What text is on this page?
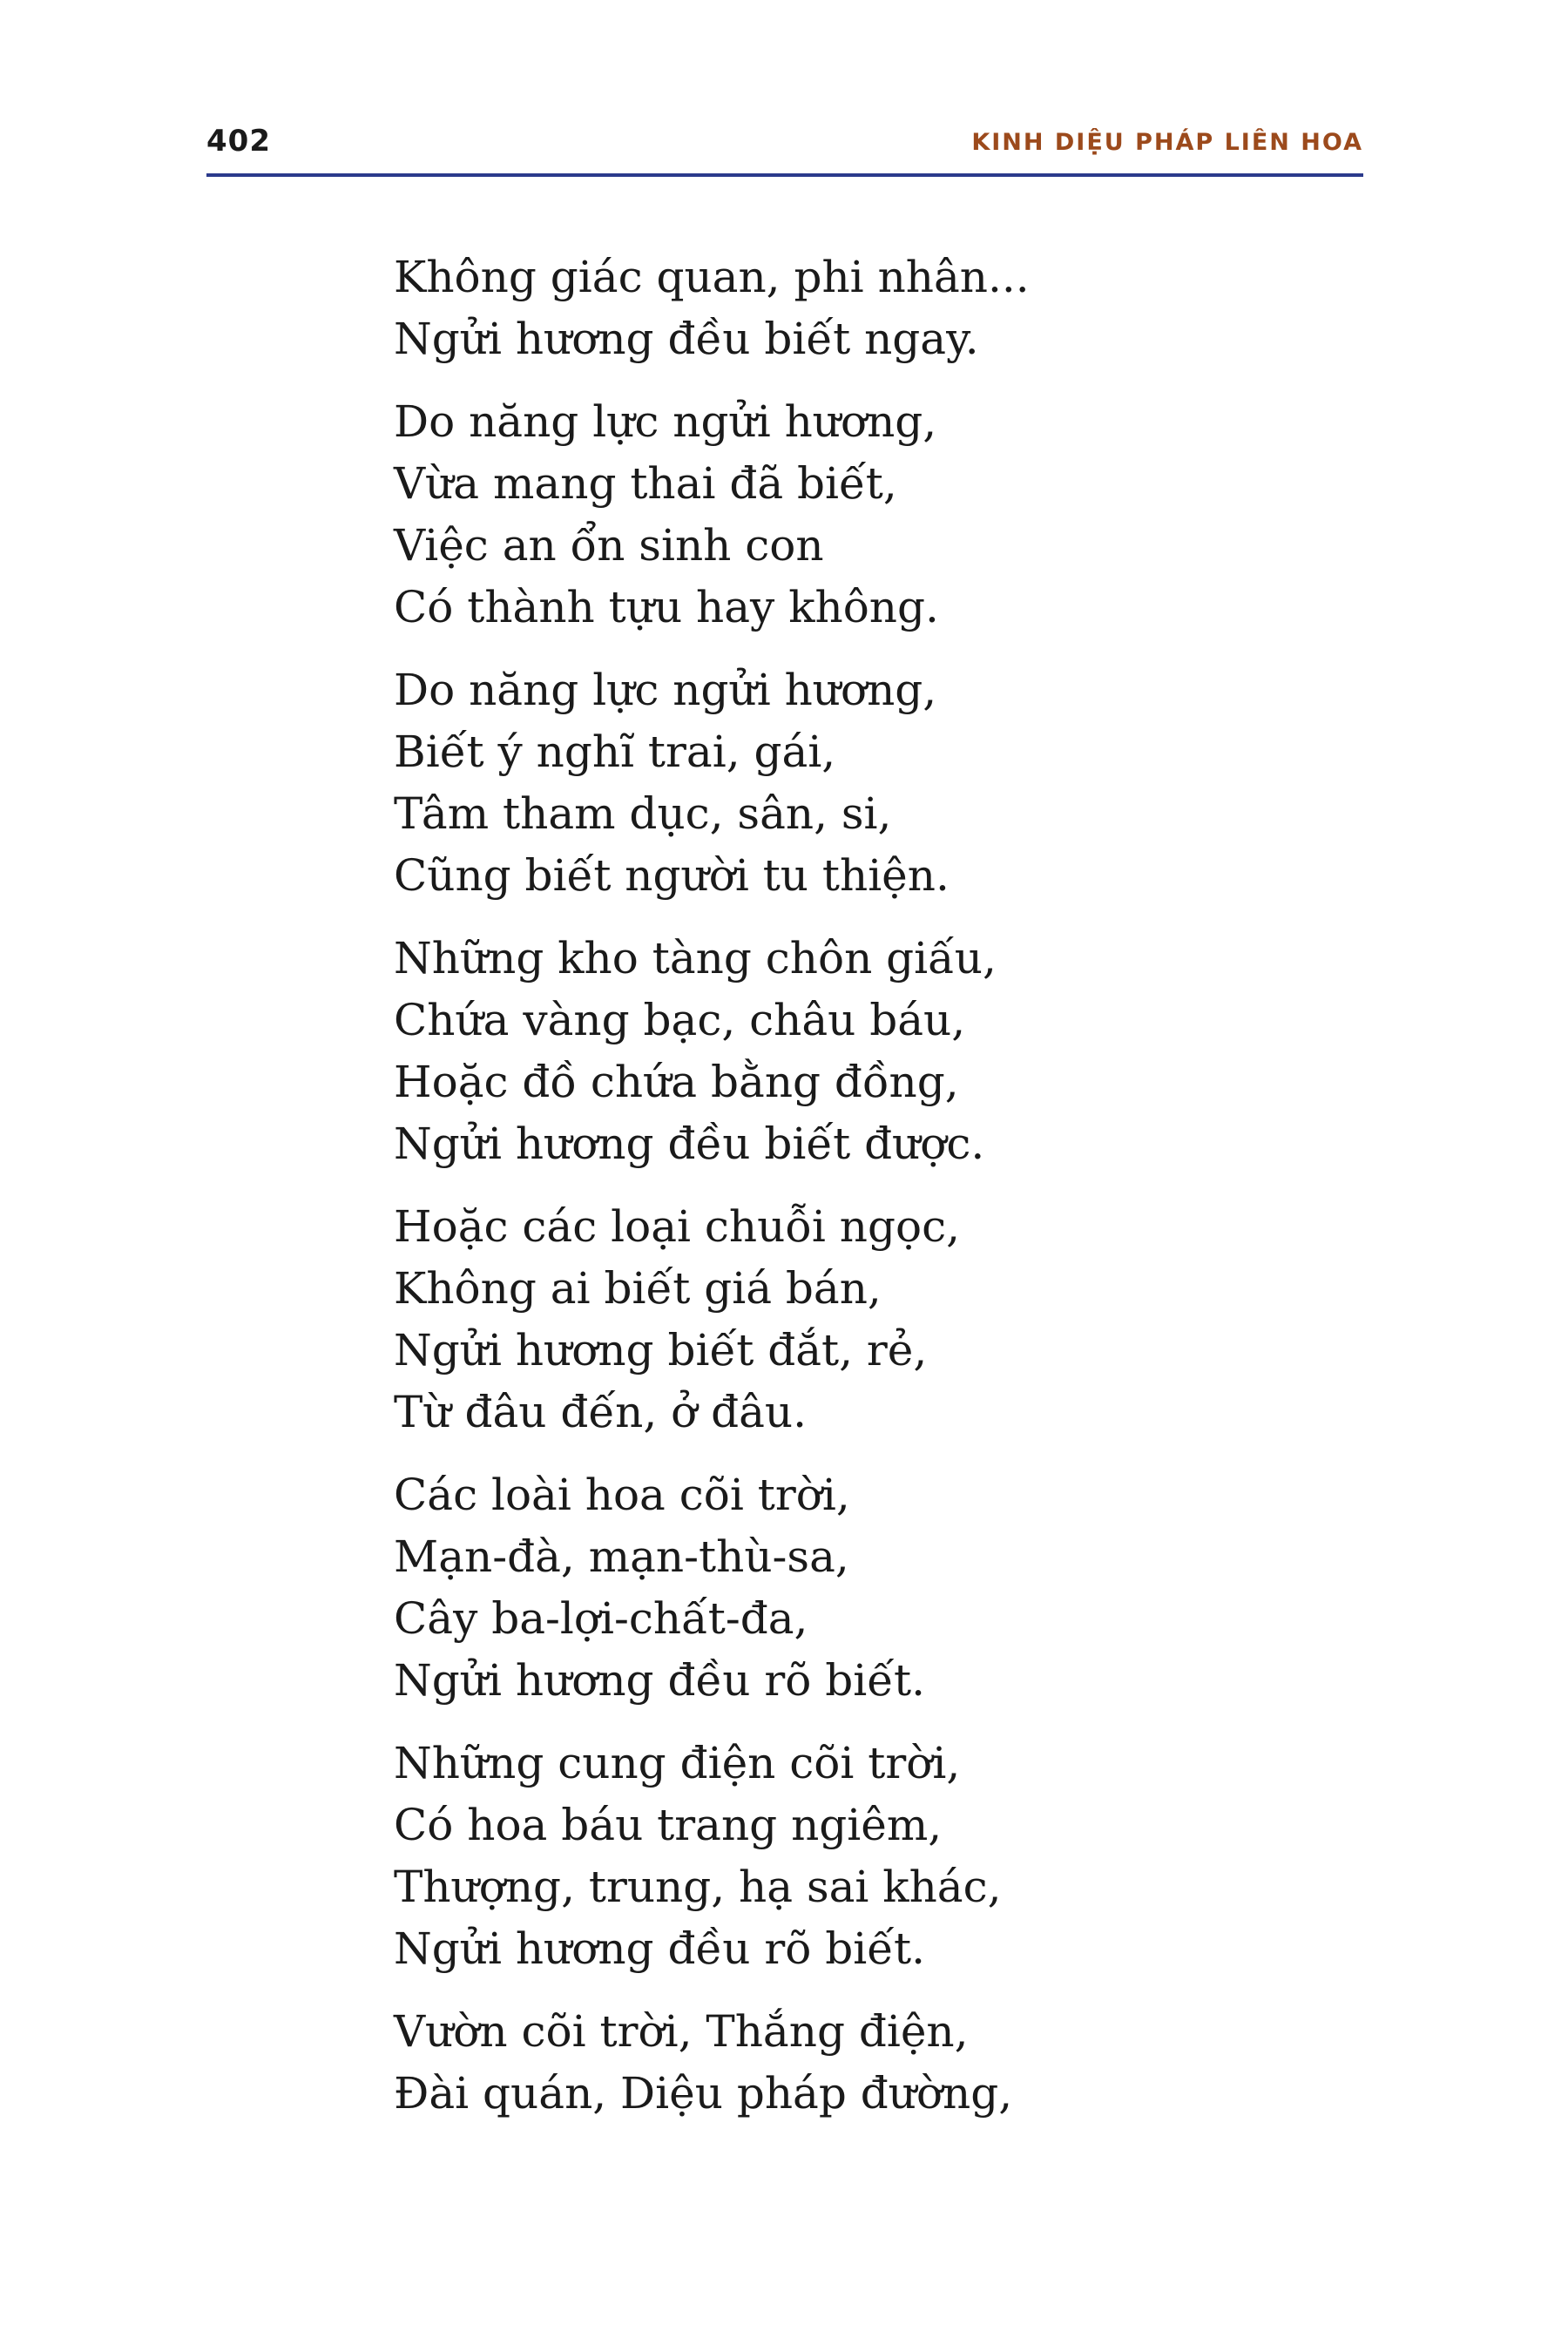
402	KINH DIỆU PHÁP LIÊN HOA
Không giác quan, phi nhân...
Ngửi hương đều biết ngay.
Do năng lực ngửi hương,
Vừa mang thai đã biết,
Việc an ổn sinh con
Có thành tựu hay không.
Do năng lực ngửi hương,
Biết ý nghĩ trai, gái,
Tâm tham dục, sân, si,
Cũng biết người tu thiện.
Những kho tàng chôn giấu,
Chứa vàng bạc, châu báu,
Hoặc đồ chứa bằng đồng,
Ngửi hương đều biết được.
Hoặc các loại chuỗi ngọc,
Không ai biết giá bán,
Ngửi hương biết đắt, rẻ,
Từ đâu đến, ở đâu.
Các loài hoa cõi trời,
Mạn-đà, mạn-thù-sa,
Cây ba-lợi-chất-đa,
Ngửi hương đều rõ biết.
Những cung điện cõi trời,
Có hoa báu trang ngiêm,
Thượng, trung, hạ sai khác,
Ngửi hương đều rõ biết.
Vườn cõi trời, Thắng điện,
Đài quán, Diệu pháp đường,
